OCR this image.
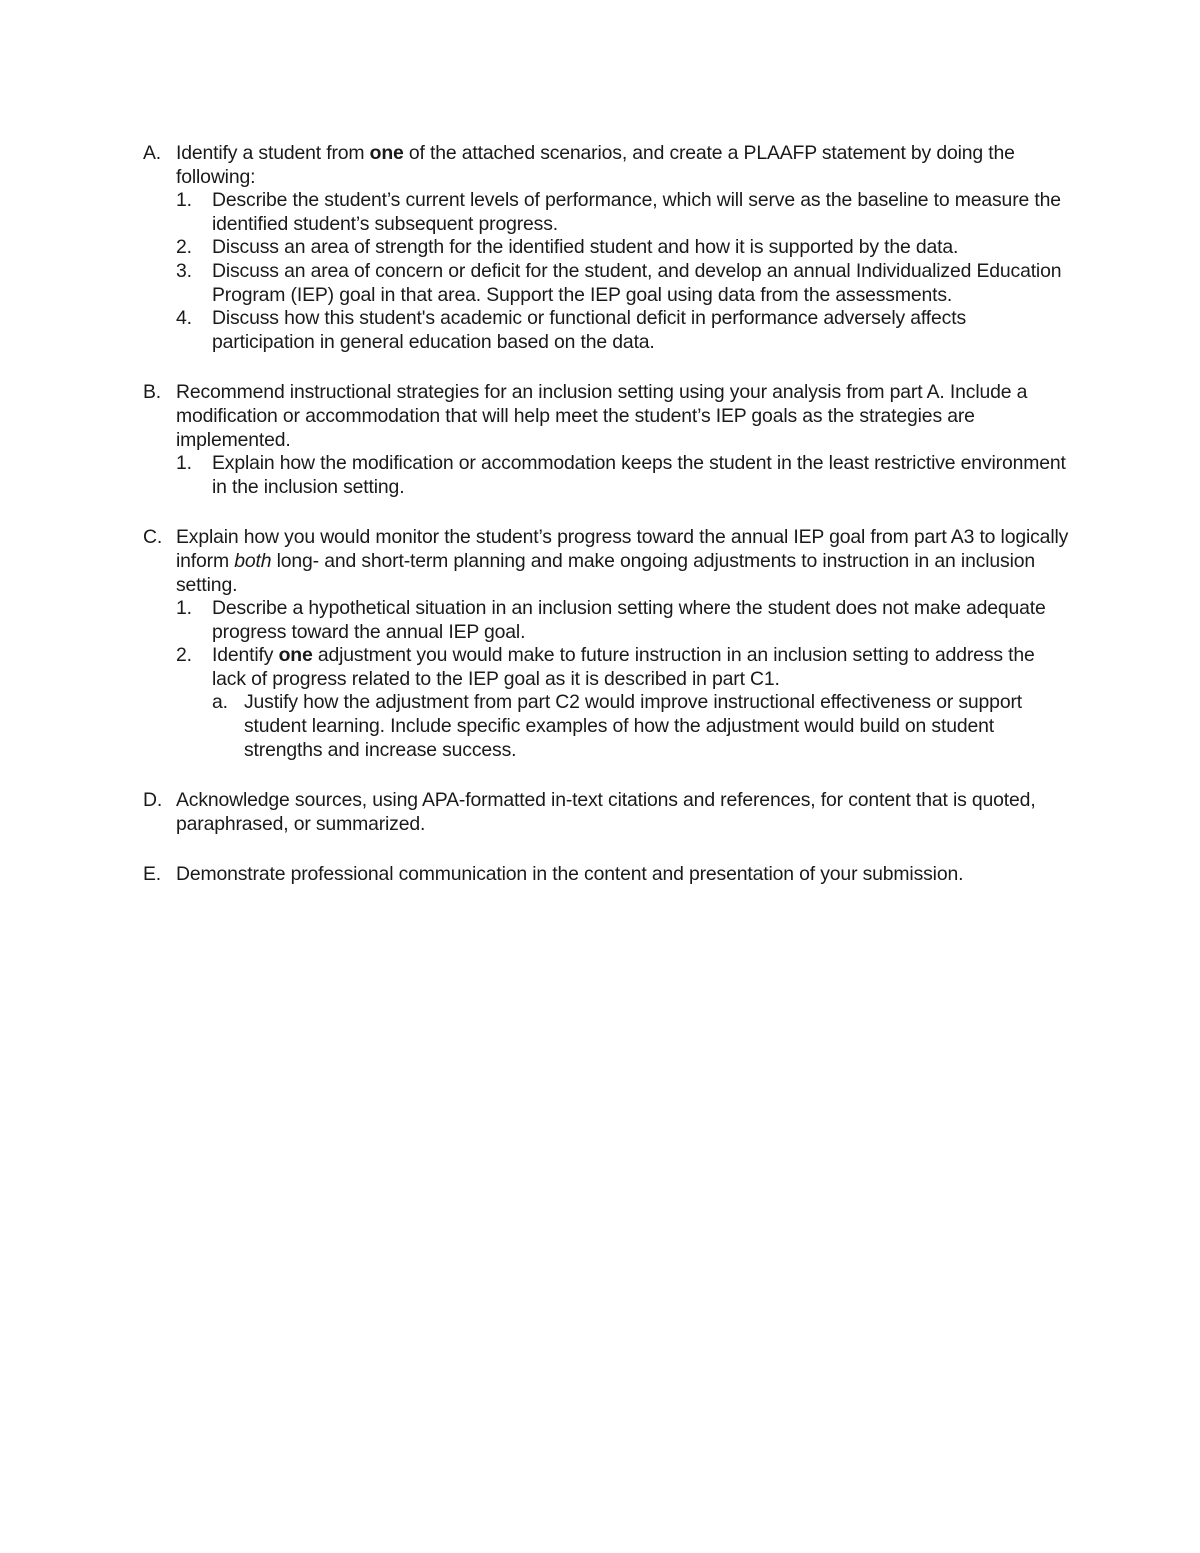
A. Identify a student from one of the attached scenarios, and create a PLAAFP statement by doing the following:
1. Describe the student’s current levels of performance, which will serve as the baseline to measure the identified student’s subsequent progress.
2. Discuss an area of strength for the identified student and how it is supported by the data.
3. Discuss an area of concern or deficit for the student, and develop an annual Individualized Education Program (IEP) goal in that area. Support the IEP goal using data from the assessments.
4. Discuss how this student's academic or functional deficit in performance adversely affects participation in general education based on the data.
B. Recommend instructional strategies for an inclusion setting using your analysis from part A. Include a modification or accommodation that will help meet the student’s IEP goals as the strategies are implemented.
1. Explain how the modification or accommodation keeps the student in the least restrictive environment in the inclusion setting.
C. Explain how you would monitor the student’s progress toward the annual IEP goal from part A3 to logically inform both long- and short-term planning and make ongoing adjustments to instruction in an inclusion setting.
1. Describe a hypothetical situation in an inclusion setting where the student does not make adequate progress toward the annual IEP goal.
2. Identify one adjustment you would make to future instruction in an inclusion setting to address the lack of progress related to the IEP goal as it is described in part C1.
a. Justify how the adjustment from part C2 would improve instructional effectiveness or support student learning. Include specific examples of how the adjustment would build on student strengths and increase success.
D. Acknowledge sources, using APA-formatted in-text citations and references, for content that is quoted, paraphrased, or summarized.
E. Demonstrate professional communication in the content and presentation of your submission.
